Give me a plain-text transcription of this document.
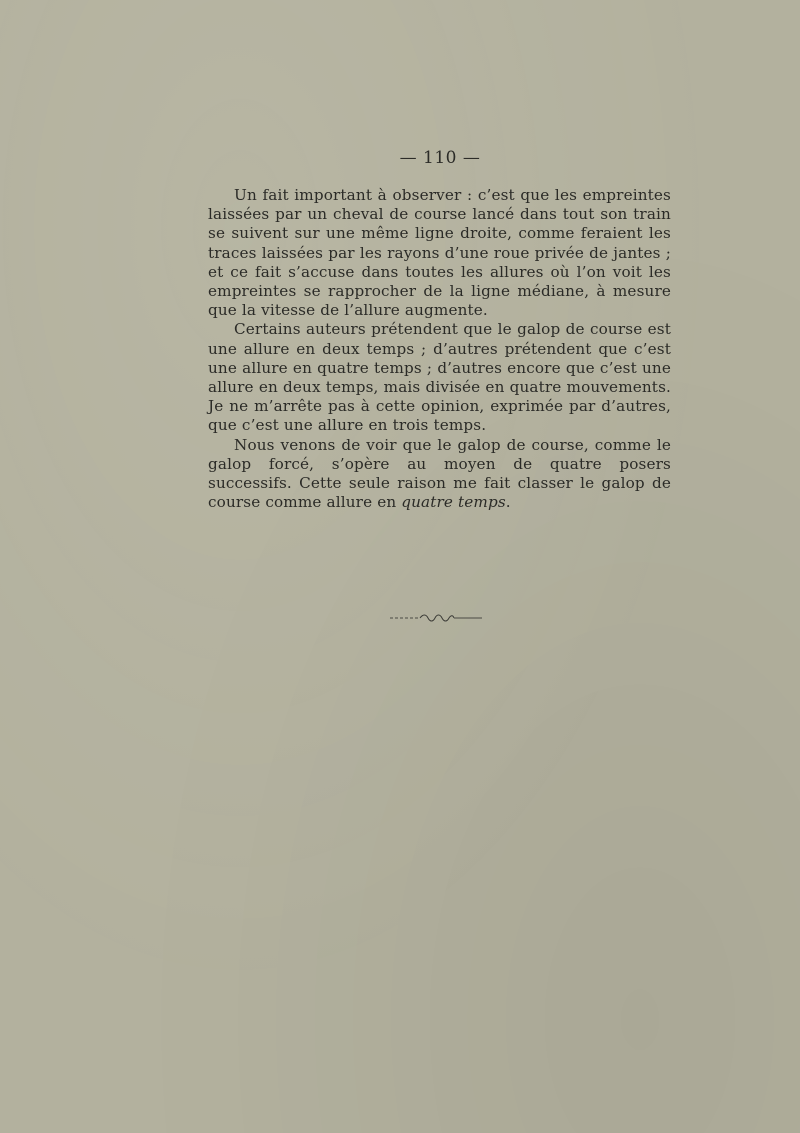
— 110 —

Un fait important à observer : c’est que les empreintes laissées par un cheval de course lancé dans tout son train se suivent sur une même ligne droite, comme feraient les traces laissées par les rayons d’une roue privée de jantes ; et ce fait s’accuse dans toutes les allures où l’on voit les empreintes se rapprocher de la ligne médiane, à mesure que la vitesse de l’allure augmente.

Certains auteurs prétendent que le galop de course est une allure en deux temps ; d’autres prétendent que c’est une allure en quatre temps ; d’autres encore que c’est une allure en deux temps, mais divisée en quatre mouvements. Je ne m’arrête pas à cette opinion, exprimée par d’autres, que c’est une allure en trois temps.

Nous venons de voir que le galop de course, comme le galop forcé, s’opère au moyen de quatre posers successifs. Cette seule raison me fait classer le galop de course comme allure en quatre temps.
